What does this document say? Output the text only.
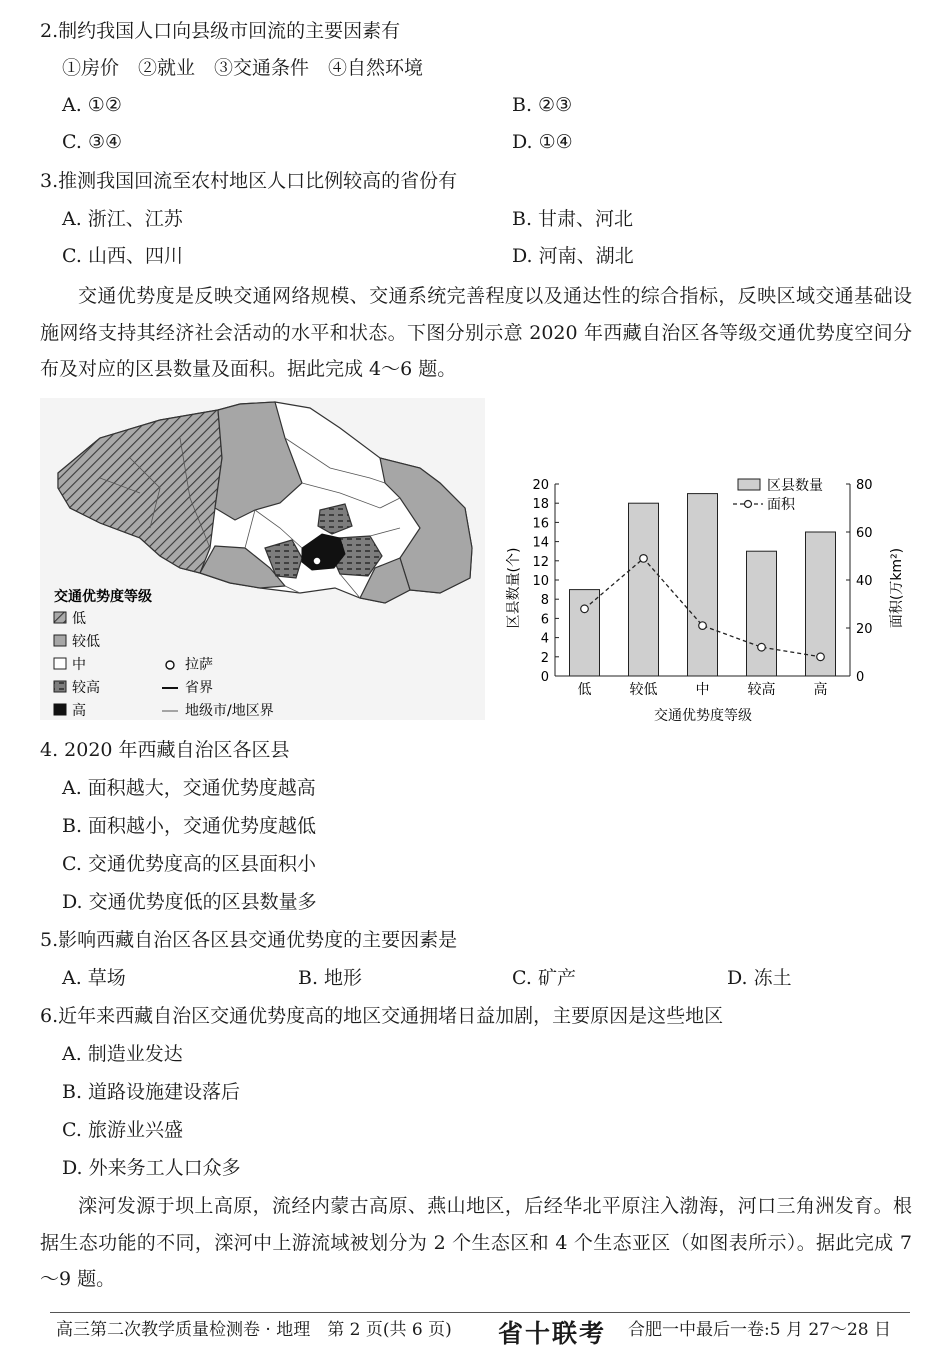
2.制约我国人口向县级市回流的主要因素有
①房价　②就业　③交通条件　④自然环境
A. ①②	B. ②③
C. ③④	D. ①④
3.推测我国回流至农村地区人口比例较高的省份有
A. 浙江、江苏	B. 甘肃、河北
C. 山西、四川	D. 河南、湖北

交通优势度是反映交通网络规模、交通系统完善程度以及通达性的综合指标，反映区域交通基础设施网络支持其经济社会活动的水平和状态。下图分别示意 2020 年西藏自治区各等级交通优势度空间分布及对应的区县数量及面积。据此完成 4～6 题。

交通优势度等级
低
较低
中
较高
高
拉萨
省界
地级市/地区界
0
2
4
6
8
10
12
14
16
18
20
0
20
40
60
80
低	较低	中	较高	高
区县数量(个)	面积(万km²)
交通优势度等级
区县数量
面积
4. 2020 年西藏自治区各区县
A. 面积越大，交通优势度越高
B. 面积越小，交通优势度越低
C. 交通优势度高的区县面积小
D. 交通优势度低的区县数量多
5.影响西藏自治区各区县交通优势度的主要因素是
A. 草场	B. 地形	C. 矿产	D. 冻土
6.近年来西藏自治区交通优势度高的地区交通拥堵日益加剧，主要原因是这些地区
A. 制造业发达
B. 道路设施建设落后
C. 旅游业兴盛
D. 外来务工人口众多

滦河发源于坝上高原，流经内蒙古高原、燕山地区，后经华北平原注入渤海，河口三角洲发育。根据生态功能的不同，滦河中上游流域被划分为 2 个生态区和 4 个生态亚区（如图表所示）。据此完成 7～9 题。

高三第二次教学质量检测卷 · 地理　第 2 页(共 6 页) 省十联考 合肥一中最后一卷:5 月 27～28 日
